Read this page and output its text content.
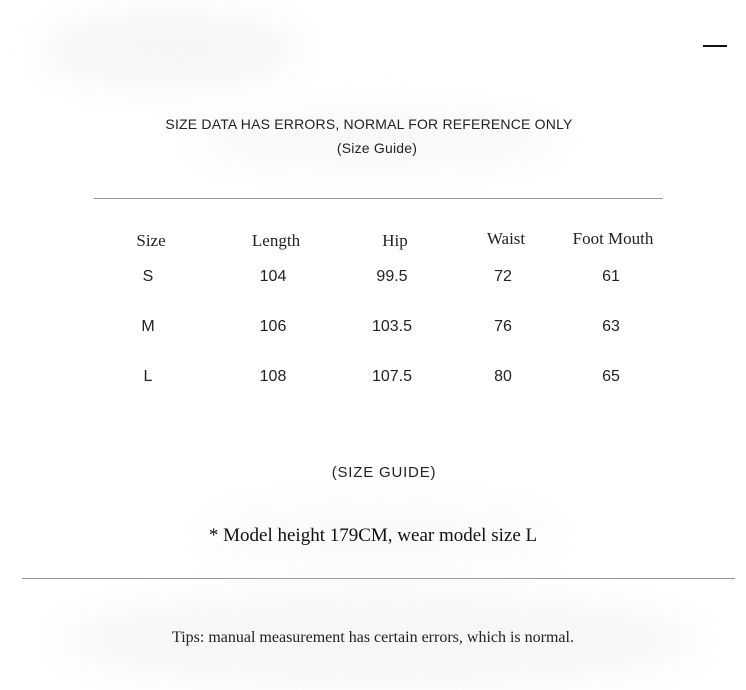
SIZE DATA HAS ERRORS, NORMAL FOR REFERENCE ONLY
(Size Guide)
Size	Length	Hip	Waist	Foot Mouth
S	104	99.5	72	61
M	106	103.5	76	63
L	108	107.5	80	65
(SIZE GUIDE)
* Model height 179CM, wear model size L
Tips: manual measurement has certain errors, which is normal.
